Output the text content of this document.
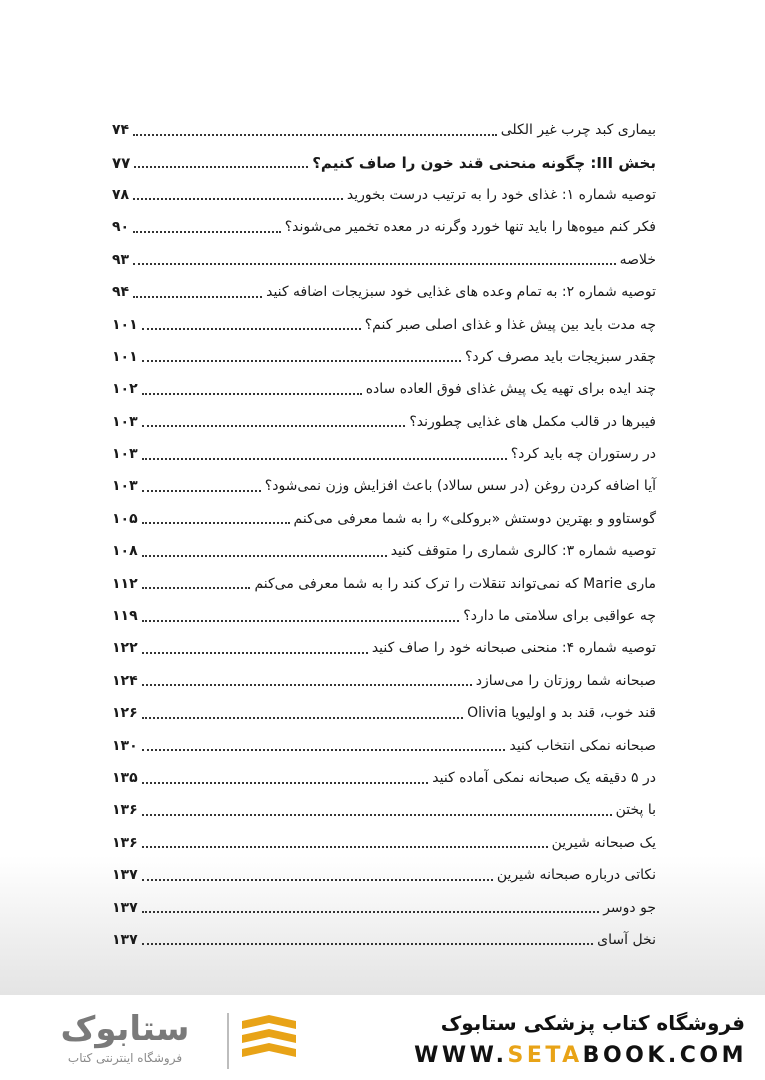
بیماری کبد چرب غیر الکلی
۷۴
بخش III: چگونه منحنی قند خون را صاف کنیم؟
۷۷
توصیه شماره ۱: غذای خود را به ترتیب درست بخورید
۷۸
فکر کنم میوه‌ها را باید تنها خورد وگرنه در معده تخمیر می‌شوند؟
۹۰
خلاصه
۹۳
توصیه شماره ۲: به تمام وعده های غذایی خود سبزیجات اضافه کنید
۹۴
چه مدت باید بین پیش غذا و غذای اصلی صبر کنم؟
۱۰۱
چقدر سبزیجات باید مصرف کرد؟
۱۰۱
چند ایده برای تهیه یک پیش غذای فوق العاده ساده
۱۰۲
فیبرها در قالب مکمل های غذایی چطورند؟
۱۰۳
در رستوران چه باید کرد؟
۱۰۳
آیا اضافه کردن روغن (در سس سالاد) باعث افزایش وزن نمی‌شود؟
۱۰۳
گوستاوو و بهترین دوستش «بروکلی» را به شما معرفی می‌کنم
۱۰۵
توصیه شماره ۳: کالری شماری را متوقف کنید
۱۰۸
ماری Marie که نمی‌تواند تنقلات را ترک کند را به شما معرفی می‌کنم
۱۱۲
چه عواقبی برای سلامتی ما دارد؟
۱۱۹
توصیه شماره ۴: منحنی صبحانه خود را صاف کنید
۱۲۲
صبحانه شما روزتان را می‌سازد
۱۲۴
قند خوب، قند بد و اولیویا Olivia
۱۲۶
صبحانه نمکی انتخاب کنید
۱۳۰
در ۵ دقیقه یک صبحانه نمکی آماده کنید
۱۳۵
با پختن
۱۳۶
یک صبحانه شیرین
۱۳۶
نکاتی درباره صبحانه شیرین
۱۳۷
جو دوسر
۱۳۷
نخل آسای
۱۳۷
ستابوک
فروشگاه اینترنتی کتاب
فروشگاه کتاب پزشکی ستابوک
WWW.SETABOOK.COM
